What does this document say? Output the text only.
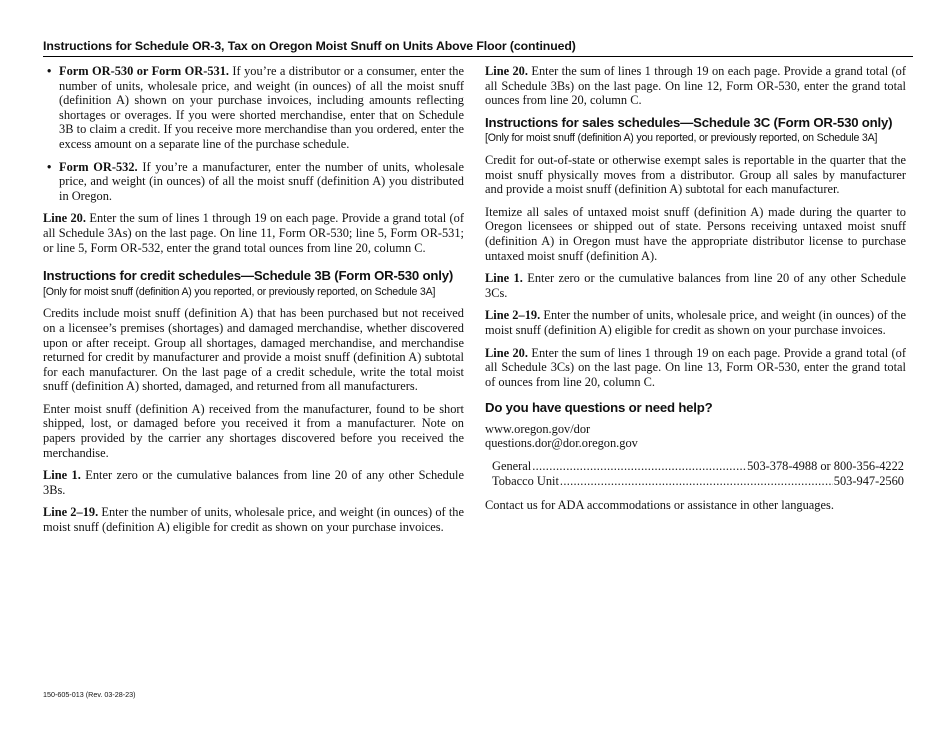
Instructions for Schedule OR-3, Tax on Oregon Moist Snuff on Units Above Floor (continued)
• Form OR-530 or Form OR-531. If you’re a distributor or a consumer, enter the number of units, wholesale price, and weight (in ounces) of all the moist snuff (definition A) shown on your purchase invoices, including amounts reflecting shortages or overages. If you were shorted merchandise, enter that on Schedule 3B to claim a credit. If you receive more merchandise than you ordered, enter the excess amount on a separate line of the purchase schedule.
• Form OR-532. If you’re a manufacturer, enter the number of units, wholesale price, and weight (in ounces) of all the moist snuff (definition A) you distributed in Oregon.

Line 20. Enter the sum of lines 1 through 19 on each page. Provide a grand total (of all Schedule 3As) on the last page. On line 11, Form OR-530; line 5, Form OR-531; or line 5, Form OR-532, enter the grand total ounces from line 20, column C.

Instructions for credit schedules—Schedule 3B (Form OR-530 only)
[Only for moist snuff (definition A) you reported, or previously reported, on Schedule 3A]

Credits include moist snuff (definition A) that has been purchased but not received on a licensee’s premises (shortages) and damaged merchandise, whether discovered upon or after receipt. Group all shortages, damaged merchandise, and merchandise returned for credit by manufacturer and provide a moist snuff (definition A) subtotal for each manufacturer. On the last page of a credit schedule, write the total moist snuff (definition A) shorted, damaged, and returned from all manufacturers.

Enter moist snuff (definition A) received from the manufacturer, found to be short shipped, lost, or damaged before you received it from a manufacturer. Note on papers provided by the carrier any shortages discovered before you received the merchandise.

Line 1. Enter zero or the cumulative balances from line 20 of any other Schedule 3Bs.

Line 2–19. Enter the number of units, wholesale price, and weight (in ounces) of the moist snuff (definition A) eligible for credit as shown on your purchase invoices.

Line 20. Enter the sum of lines 1 through 19 on each page. Provide a grand total (of all Schedule 3Bs) on the last page. On line 12, Form OR-530, enter the grand total ounces from line 20, column C.

Instructions for sales schedules—Schedule 3C (Form OR-530 only)
[Only for moist snuff (definition A) you reported, or previously reported, on Schedule 3A]

Credit for out-of-state or otherwise exempt sales is reportable in the quarter that the moist snuff physically moves from a distributor. Group all sales by manufacturer and provide a moist snuff (definition A) subtotal for each manufacturer.

Itemize all sales of untaxed moist snuff (definition A) made during the quarter to Oregon licensees or shipped out of state. Persons receiving untaxed moist snuff (definition A) in Oregon must have the appropriate distributor license to purchase untaxed moist snuff (definition A).

Line 1. Enter zero or the cumulative balances from line 20 of any other Schedule 3Cs.

Line 2–19. Enter the number of units, wholesale price, and weight (in ounces) of the moist snuff (definition A) eligible for credit as shown on your purchase invoices.

Line 20. Enter the sum of lines 1 through 19 on each page. Provide a grand total (of all Schedule 3Cs) on the last page. On line 13, Form OR-530, enter the grand total of ounces from line 20, column C.

Do you have questions or need help?

www.oregon.gov/dor

questions.dor@dor.oregon.gov

General .....	503-378-4988 or 800-356-4222
Tobacco Unit .....	503-947-2560

Contact us for ADA accommodations or assistance in other languages.

150-605-013 (Rev. 03-28-23)
